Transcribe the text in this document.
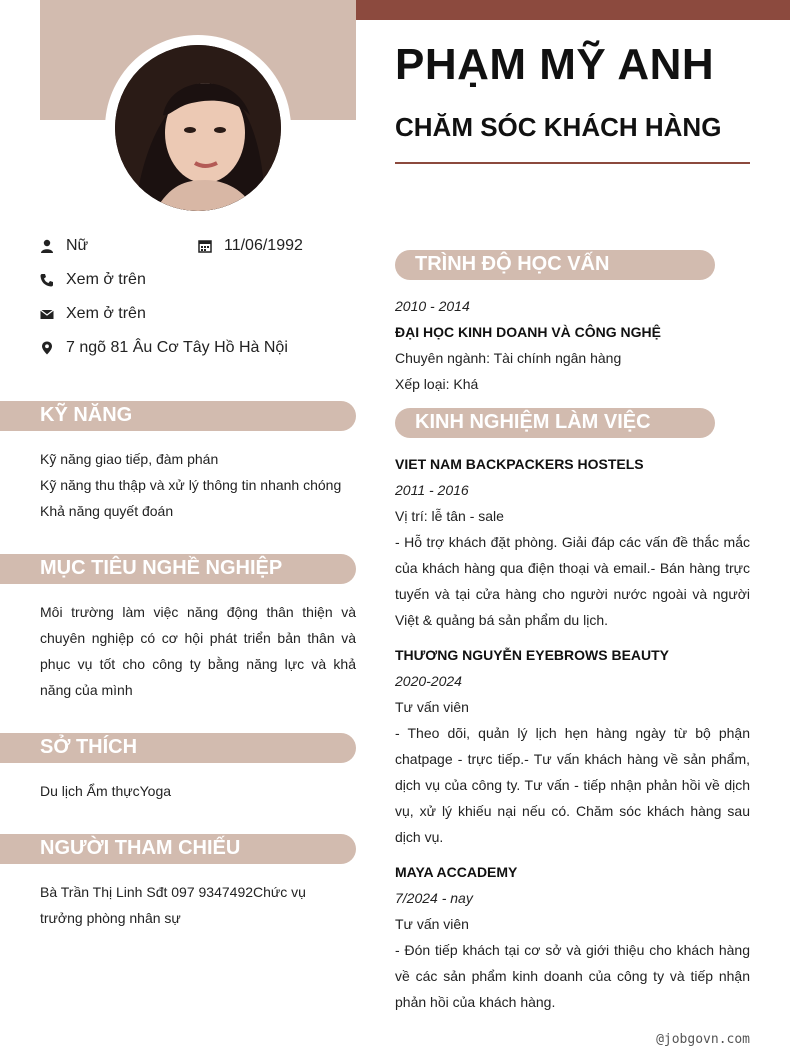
PHẠM MỸ ANH
CHĂM SÓC KHÁCH HÀNG
Nữ	11/06/1992
Xem ở trên
Xem ở trên
7 ngõ 81 Âu Cơ Tây Hồ Hà Nội
KỸ NĂNG
Kỹ năng giao tiếp, đàm phán
Kỹ năng thu thập và xử lý thông tin nhanh chóng
Khả năng quyết đoán
MỤC TIÊU NGHỀ NGHIỆP
Môi trường làm việc năng động thân thiện và chuyên nghiệp có cơ hội phát triển bản thân và phục vụ tốt cho công ty bằng năng lực và khả năng của mình
SỞ THÍCH
Du lịch Ẩm thựcYoga
NGƯỜI THAM CHIẾU
Bà Trần Thị Linh Sđt 097 9347492Chức vụ trưởng phòng nhân sự
TRÌNH ĐỘ HỌC VẤN
2010 - 2014
ĐẠI HỌC KINH DOANH VÀ CÔNG NGHỆ
Chuyên ngành: Tài chính ngân hàng
Xếp loại: Khá
KINH NGHIỆM LÀM VIỆC
VIET NAM BACKPACKERS HOSTELS
2011 - 2016
Vị trí: lễ tân - sale
- Hỗ trợ khách đặt phòng. Giải đáp các vấn đề thắc mắc của khách hàng qua điện thoại và email.- Bán hàng trực tuyến và tại cửa hàng cho người nước ngoài và người Việt & quảng bá sản phẩm du lịch.
THƯƠNG NGUYỄN EYEBROWS BEAUTY
2020-2024
Tư vấn viên
- Theo dõi, quản lý lịch hẹn hàng ngày từ bộ phận chatpage - trực tiếp.- Tư vấn khách hàng về sản phẩm, dịch vụ của công ty. Tư vấn - tiếp nhận phản hồi về dịch vụ, xử lý khiếu nại nếu có. Chăm sóc khách hàng sau dịch vụ.
MAYA ACCADEMY
7/2024 - nay
Tư vấn viên
- Đón tiếp khách tại cơ sở và giới thiệu cho khách hàng về các sản phẩm kinh doanh của công ty và tiếp nhận phản hồi của khách hàng.
@jobgovn.com
